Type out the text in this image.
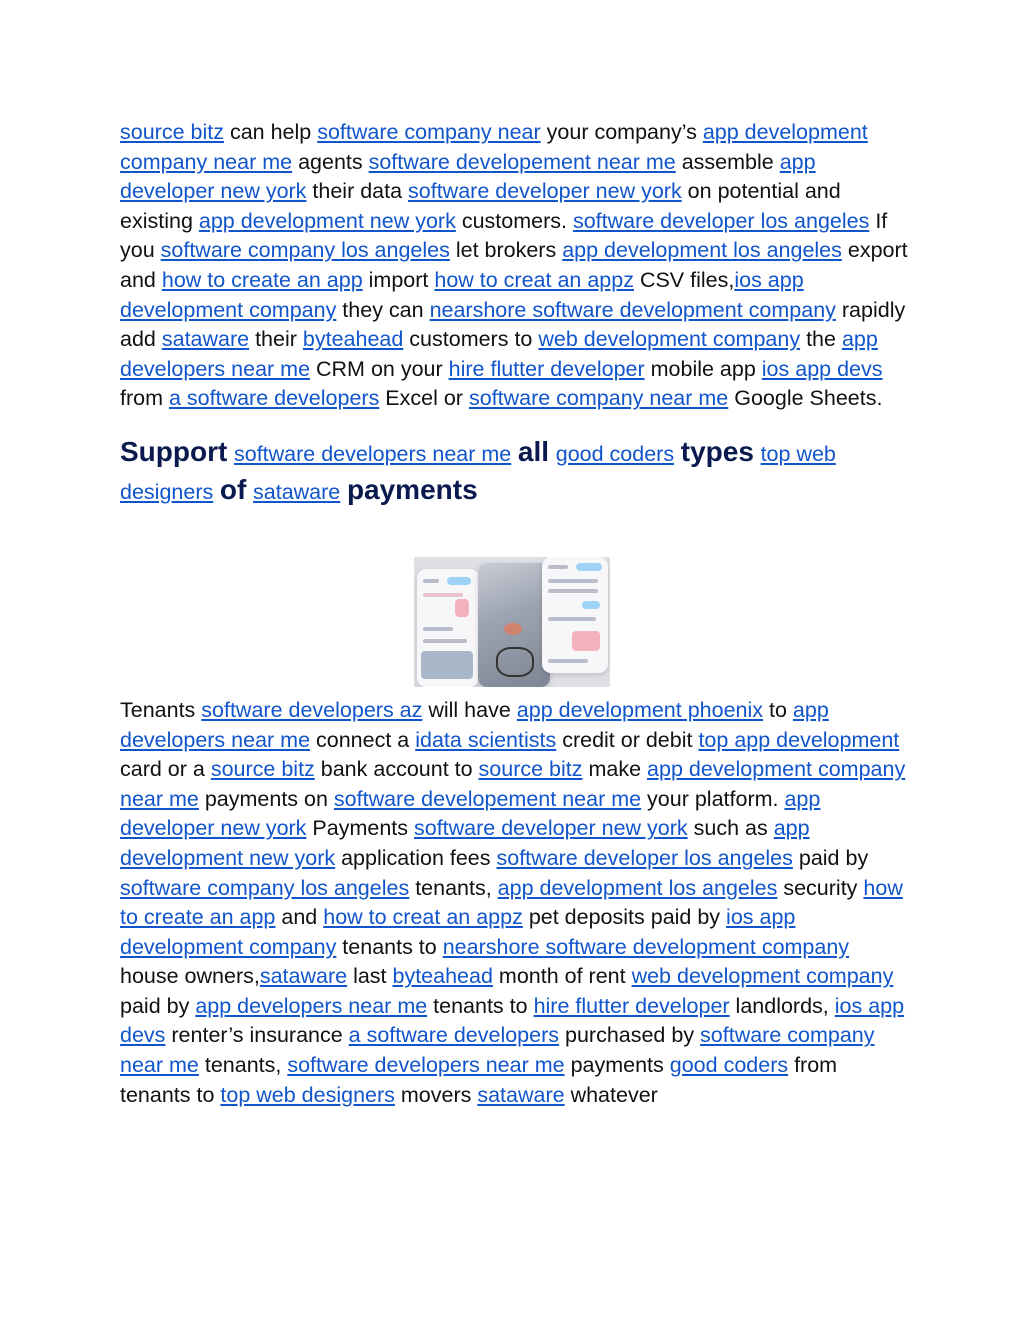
source bitz can help software company near your company’s app development company near me agents software developement near me assemble app developer new york their data software developer new york on potential and existing app development new york customers. software developer los angeles If you software company los angeles let brokers app development los angeles export and how to create an app import how to creat an appz CSV files,ios app development company they can nearshore software development company rapidly add sataware their byteahead customers to web development company the app developers near me CRM on your hire flutter developer mobile app ios app devs from a software developers Excel or software company near me Google Sheets.

Support software developers near me all good coders types top web designers of sataware payments

Tenants software developers az will have app development phoenix to app developers near me connect a idata scientists credit or debit top app development card or a source bitz bank account to source bitz make app development company near me payments on software developement near me your platform. app developer new york Payments software developer new york such as app development new york application fees software developer los angeles paid by software company los angeles tenants, app development los angeles security how to create an app and how to creat an appz pet deposits paid by ios app development company tenants to nearshore software development company house owners,sataware last byteahead month of rent web development company paid by app developers near me tenants to hire flutter developer landlords, ios app devs renter’s insurance a software developers purchased by software company near me tenants, software developers near me payments good coders from tenants to top web designers movers sataware whatever
